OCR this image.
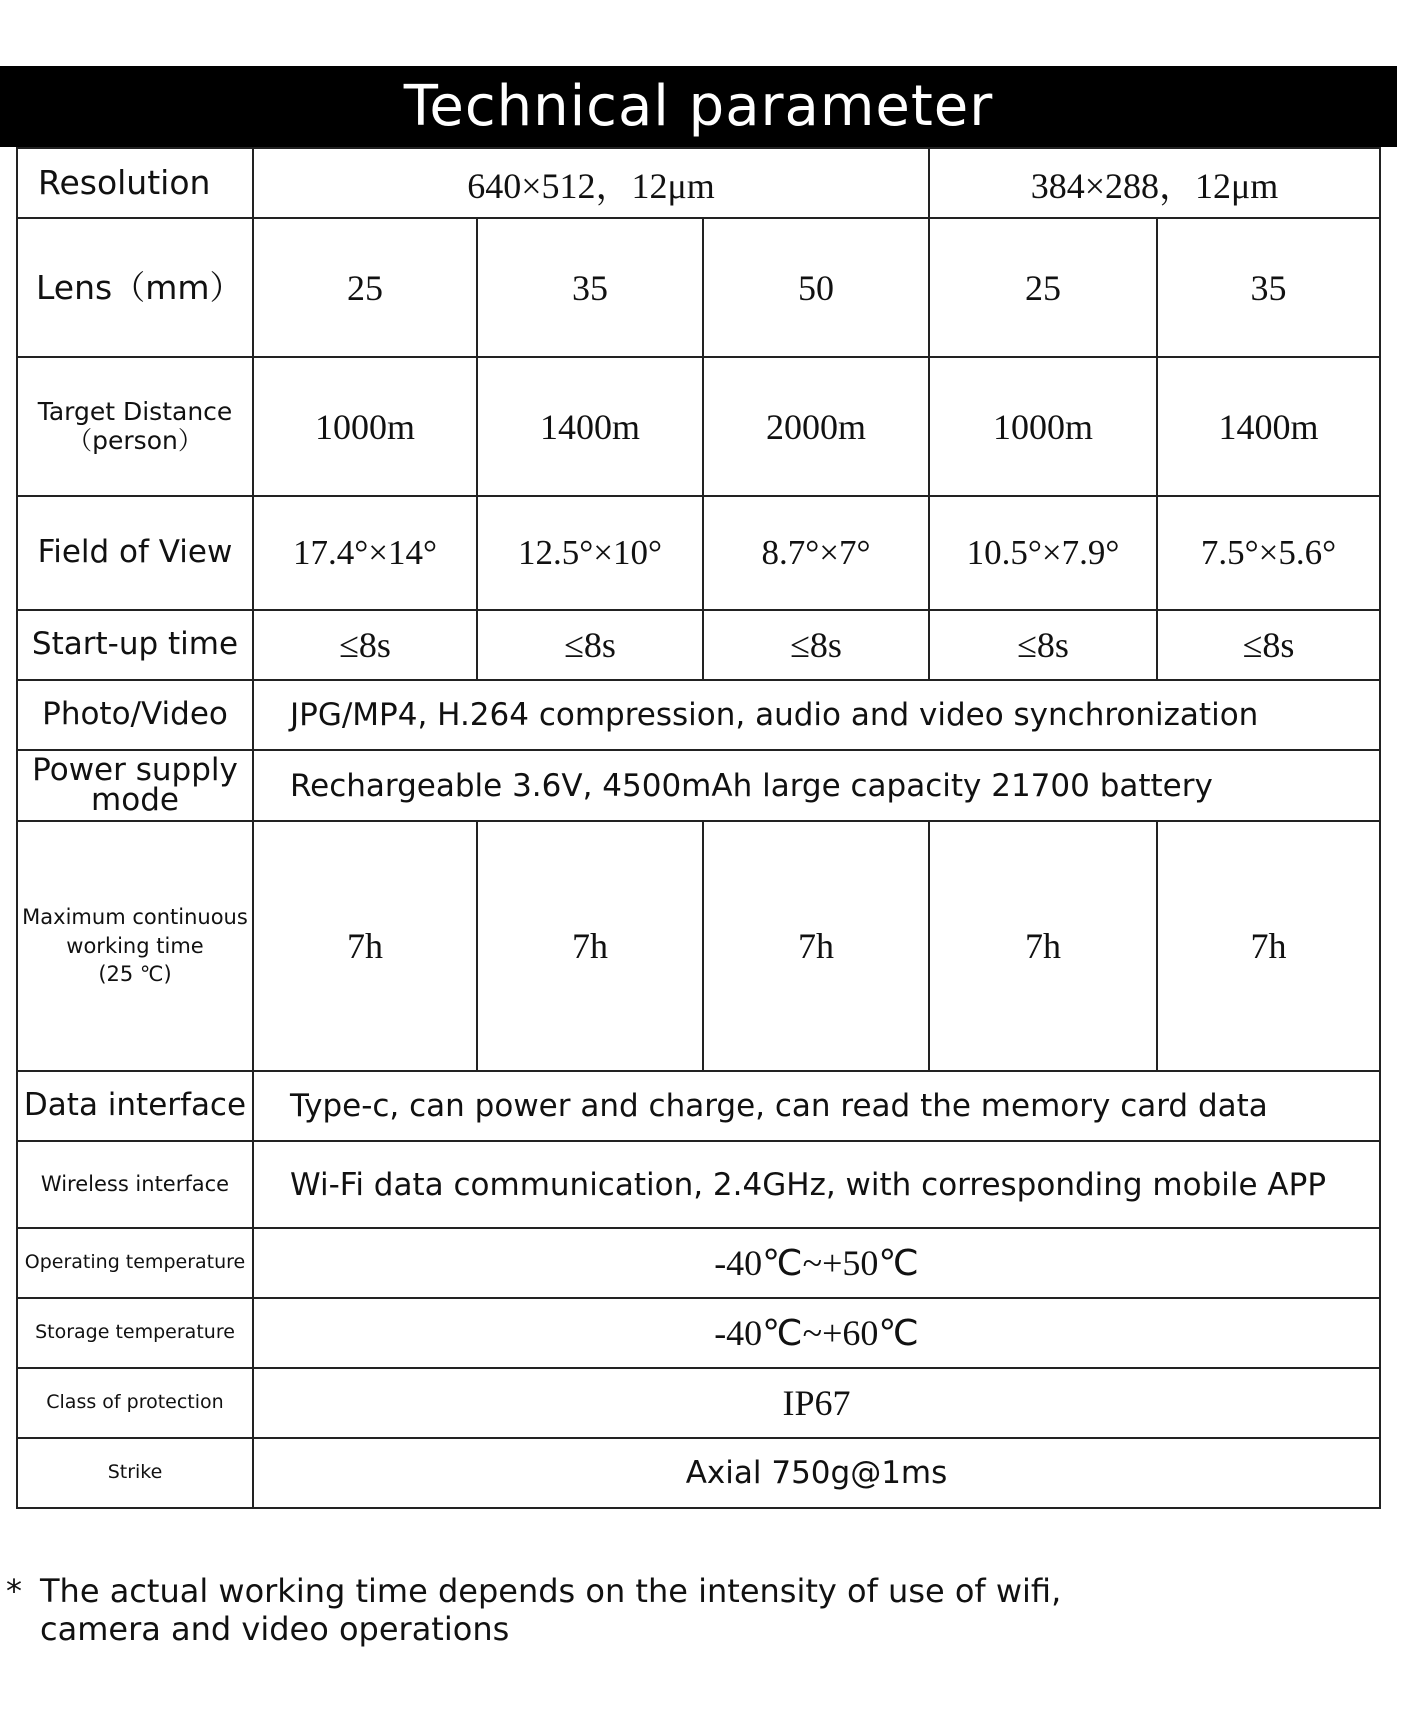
Technical parameter
Resolution	640×512，12μm			384×288，12μm	
Lens（mm）	25	35	50	25	35

Target Distance
（person）	1000m	1400m	2000m	1000m	1400m
Field of View	17.4°×14°	12.5°×10°	8.7°×7°	10.5°×7.9°	7.5°×5.6°
Start-up time	≤8s	≤8s	≤8s	≤8s	≤8s
Photo/Video	JPG/MP4, H.264 compression, audio and video synchronization				

Power supply
mode	Rechargeable 3.6V, 4500mAh large capacity 21700 battery				

Maximum continuous
working time
(25 ℃)	7h	7h	7h	7h	7h
Data interface	Type-c, can power and charge, can read the memory card data				
Wireless interface	Wi-Fi data communication, 2.4GHz, with corresponding mobile APP				
Operating temperature	-40℃~+50℃				
Storage temperature	-40℃~+60℃				
Class of protection	IP67				
Strike	Axial 750g@1ms				
* The actual working time depends on the intensity of use of wifi,
camera and video operations
